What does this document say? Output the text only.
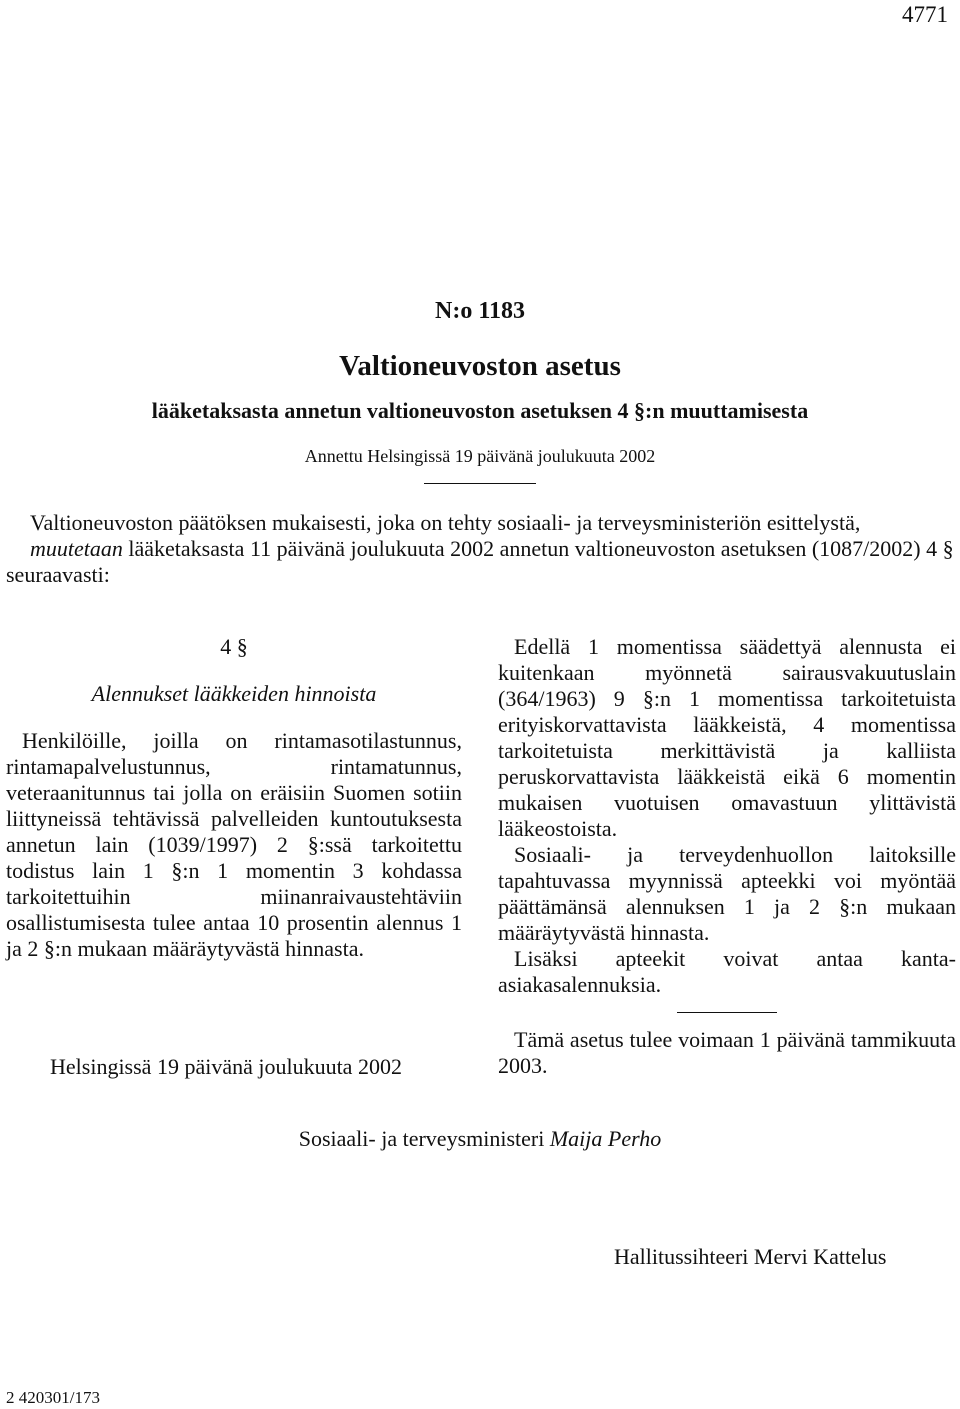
4771
N:o 1183
Valtioneuvoston asetus
lääketaksasta annetun valtioneuvoston asetuksen 4 §:n muuttamisesta
Annettu Helsingissä 19 päivänä joulukuuta 2002

Valtioneuvoston päätöksen mukaisesti, joka on tehty sosiaali- ja terveysministeriön esittelystä,

muutetaan lääketaksasta 11 päivänä joulukuuta 2002 annetun valtioneuvoston asetuksen (1087/2002) 4 § seuraavasti:

4 §

Alennukset lääkkeiden hinnoista

Henkilöille, joilla on rintamasotilastunnus, rintamapalvelustunnus, rintamatunnus, veteraanitunnus tai jolla on eräisiin Suomen sotiin liittyneissä tehtävissä palvelleiden kuntoutuksesta annetun lain (1039/1997) 2 §:ssä tarkoitettu todistus lain 1 §:n 1 momentin 3 kohdassa tarkoitettuihin miinanraivaustehtäviin osallistumisesta tulee antaa 10 prosentin alennus 1 ja 2 §:n mukaan määräytyvästä hinnasta.

Edellä 1 momentissa säädettyä alennusta ei kuitenkaan myönnetä sairausvakuutuslain (364/1963) 9 §:n 1 momentissa tarkoitetuista erityiskorvattavista lääkkeistä, 4 momentissa tarkoitetuista merkittävistä ja kalliista peruskorvattavista lääkkeistä eikä 6 momentin mukaisen vuotuisen omavastuun ylittävistä lääkeostoista.

Sosiaali- ja terveydenhuollon laitoksille tapahtuvassa myynnissä apteekki voi myöntää päättämänsä alennuksen 1 ja 2 §:n mukaan määräytyvästä hinnasta.

Lisäksi apteekit voivat antaa kanta-asiakasalennuksia.

Tämä asetus tulee voimaan 1 päivänä tammikuuta 2003.

Helsingissä 19 päivänä joulukuuta 2002
Sosiaali- ja terveysministeri Maija Perho
Hallitussihteeri Mervi Kattelus
2 420301/173
